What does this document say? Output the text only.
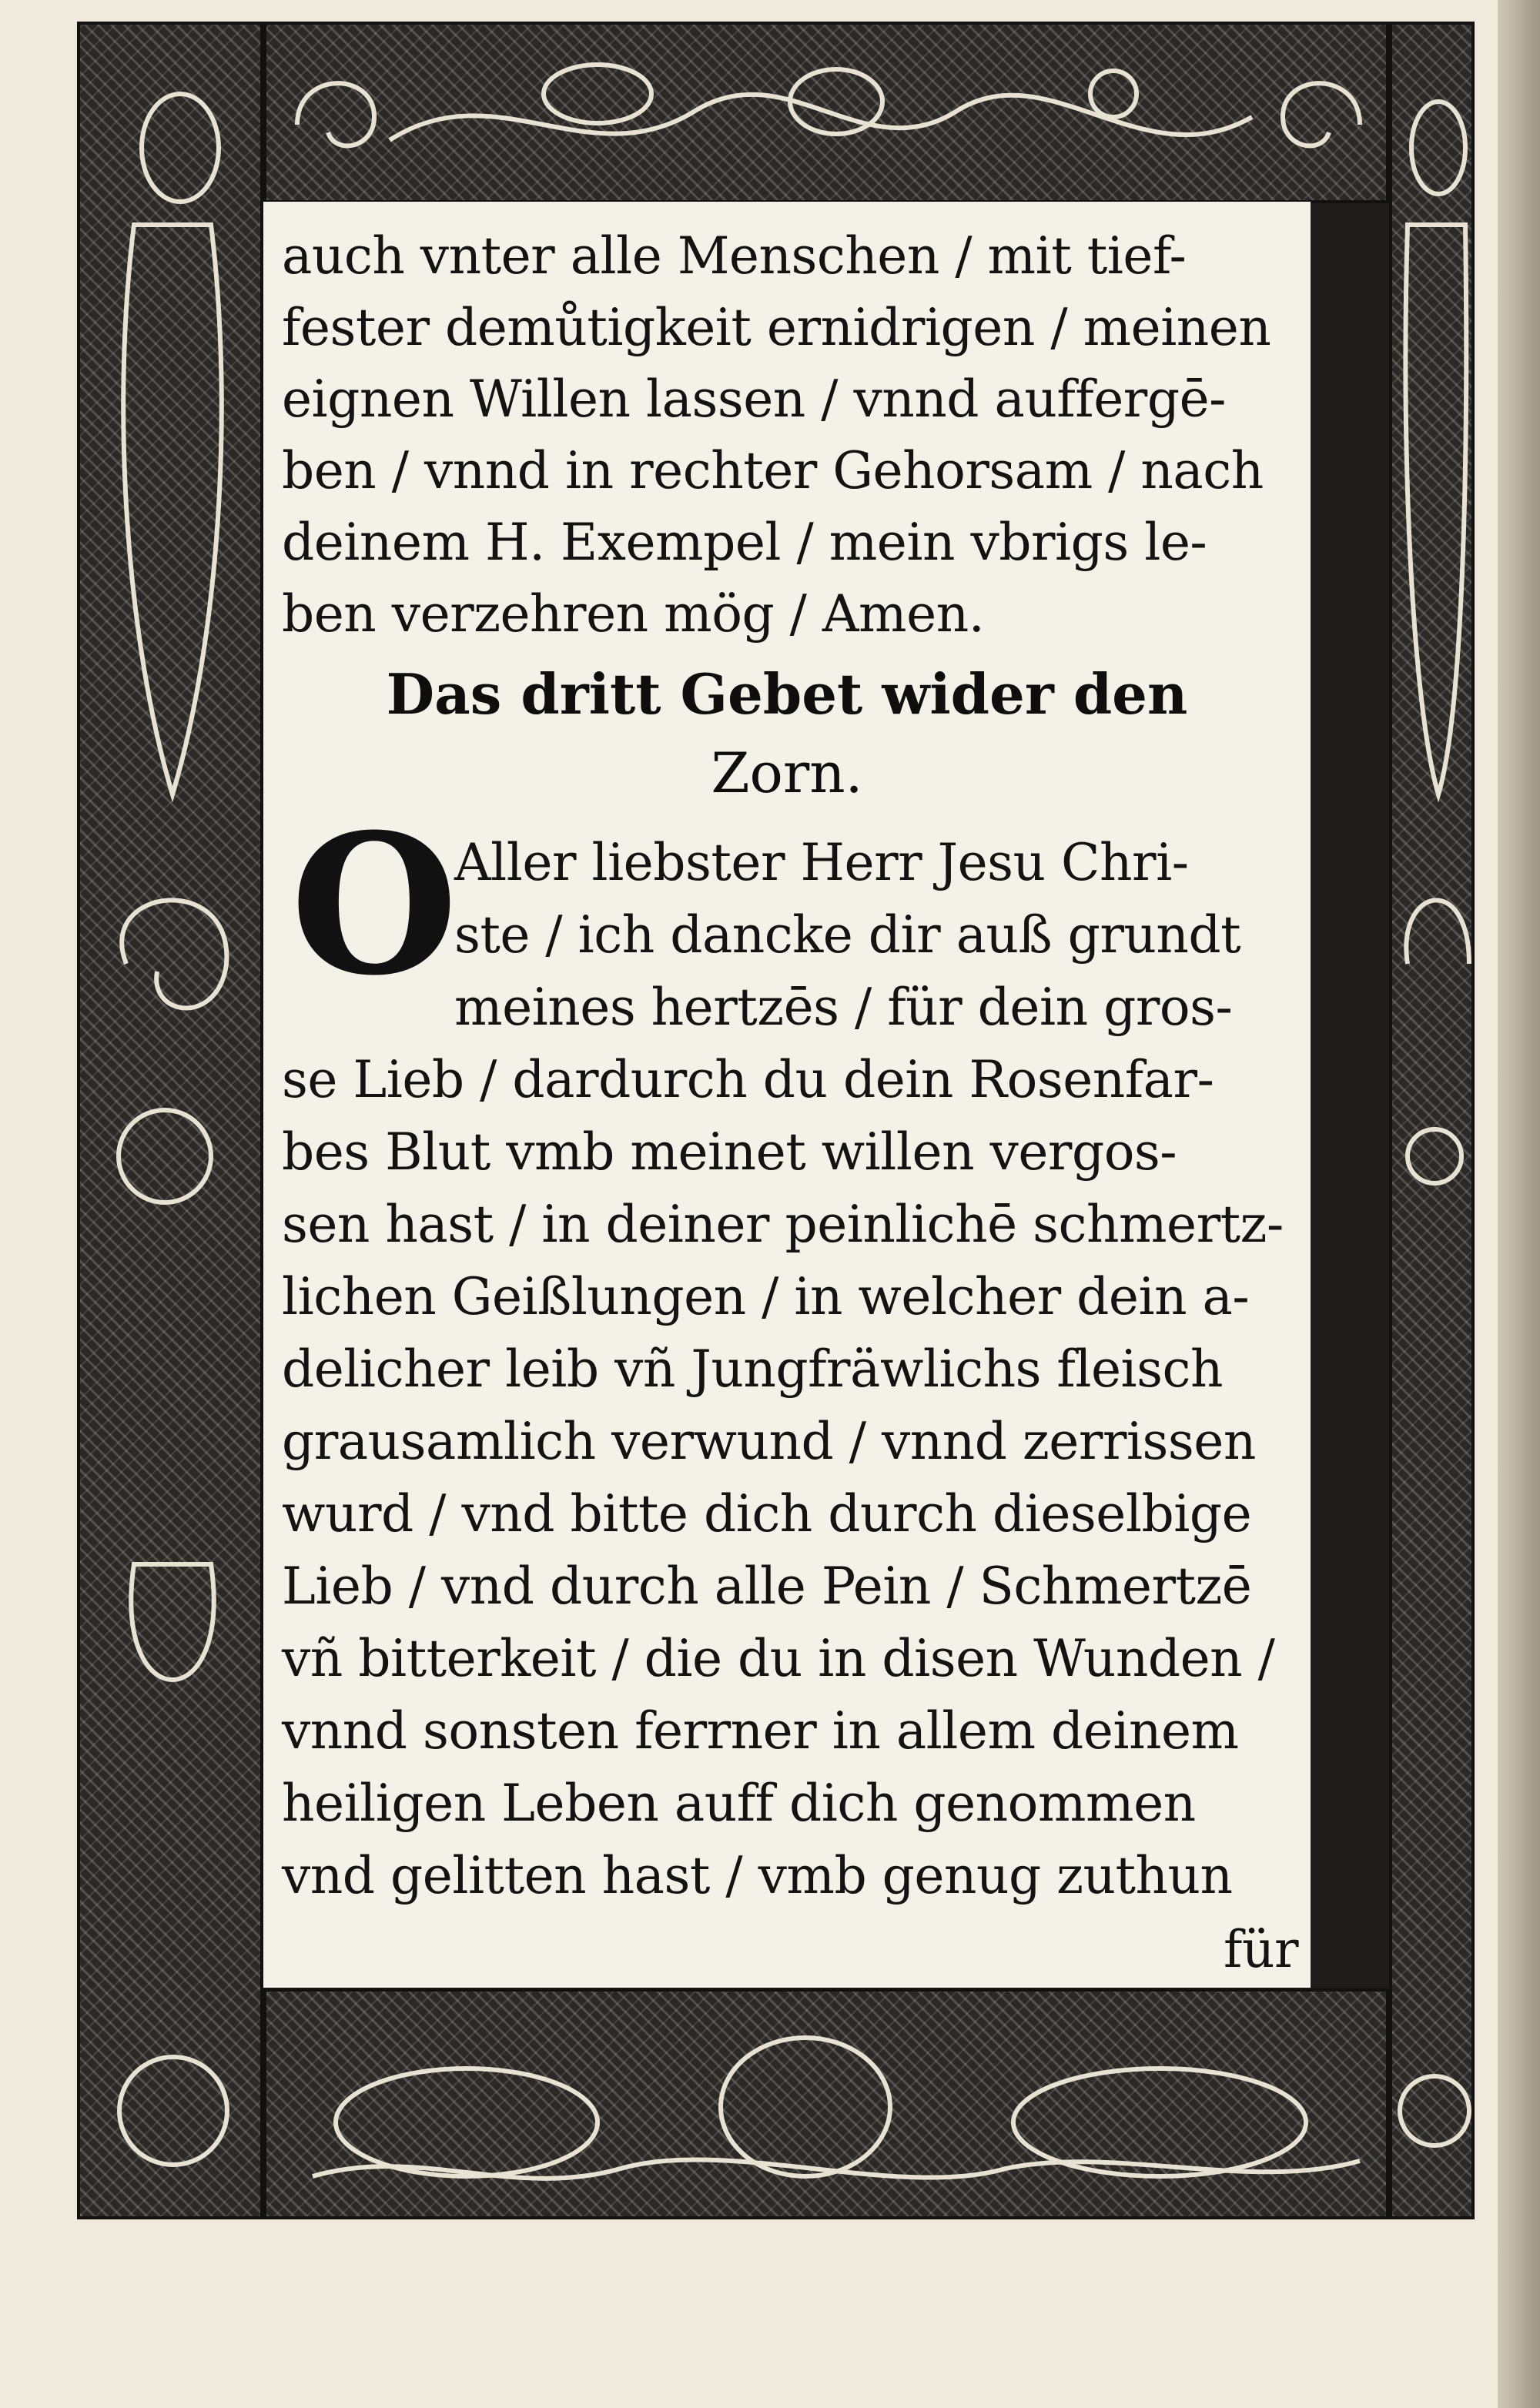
auch vnter alle Menschen / mit tief-
fester demůtigkeit ernidrigen / meinen
eignen Willen lassen / vnnd auffergē-
ben / vnnd in rechter Gehorsam / nach
deinem H. Exempel / mein vbrigs le-
ben verzehren mög / Amen.
Das dritt Gebet wider den
Zorn.
O
Aller liebster Herr Jesu Chri-
ste / ich dancke dir auß grundt
meines hertzēs / für dein gros-
se Lieb / dardurch du dein Rosenfar-
bes Blut vmb meinet willen vergos-
sen hast / in deiner peinlichē schmertz-
lichen Geißlungen / in welcher dein a-
delicher leib vñ Jungfräwlichs fleisch
grausamlich verwund / vnnd zerrissen
wurd / vnd bitte dich durch dieselbige
Lieb / vnd durch alle Pein / Schmertzē
vñ bitterkeit / die du in disen Wunden /
vnnd sonsten ferrner in allem deinem
heiligen Leben auff dich genommen
vnd gelitten hast / vmb genug zuthun
für
